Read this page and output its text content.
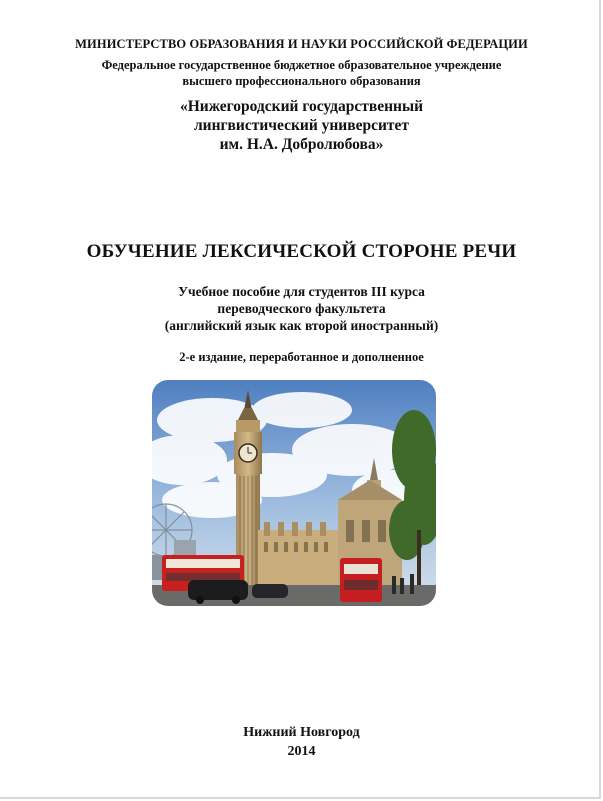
МИНИСТЕРСТВО ОБРАЗОВАНИЯ И НАУКИ РОССИЙСКОЙ ФЕДЕРАЦИИ
Федеральное государственное бюджетное образовательное учреждение
высшего профессионального образования
«Нижегородский государственный
лингвистический университет
им. Н.А. Добролюбова»
ОБУЧЕНИЕ ЛЕКСИЧЕСКОЙ СТОРОНЕ РЕЧИ
Учебное пособие для студентов III курса
переводческого факультета
(английский язык как второй иностранный)
2-е издание, переработанное и дополненное
Нижний Новгород
2014
